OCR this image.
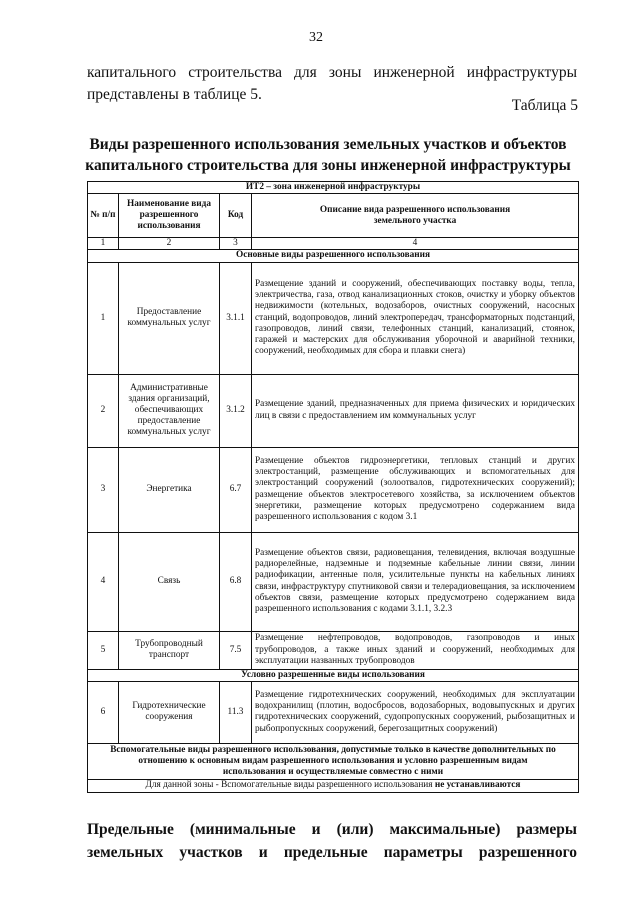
32
капитального строительства для зоны инженерной инфраструктуры
представлены в таблице 5.
Таблица 5
Виды разрешенного использования земельных участков и объектов
капитального строительства для зоны инженерной инфраструктуры
ИТ2 – зона инженерной инфраструктуры			
№ п/п	Наименование вида разрешенного использования	Код	Описание вида разрешенного использования земельного участка
1	2	3	4
Основные виды разрешенного использования			
1	Предоставление коммунальных услуг	3.1.1	Размещение зданий и сооружений, обеспечивающих поставку воды, тепла, электричества, газа, отвод канализационных стоков, очистку и уборку объектов недвижимости (котельных, водозаборов, очистных сооружений, насосных станций, водопроводов, линий электропередач, трансформаторных подстанций, газопроводов, линий связи, телефонных станций, канализаций, стоянок, гаражей и мастерских для обслуживания уборочной и аварийной техники, сооружений, необходимых для сбора и плавки снега)
2	Административные здания организаций, обеспечивающих предоставление коммунальных услуг	3.1.2	Размещение зданий, предназначенных для приема физических и юридических лиц в связи с предоставлением им коммунальных услуг
3	Энергетика	6.7	Размещение объектов гидроэнергетики, тепловых станций и других электростанций, размещение обслуживающих и вспомогательных для электростанций сооружений (золоотвалов, гидротехнических сооружений); размещение объектов электросетевого хозяйства, за исключением объектов энергетики, размещение которых предусмотрено содержанием вида разрешенного использования с кодом 3.1
4	Связь	6.8	Размещение объектов связи, радиовещания, телевидения, включая воздушные радиорелейные, надземные и подземные кабельные линии связи, линии радиофикации, антенные поля, усилительные пункты на кабельных линиях связи, инфраструктуру спутниковой связи и телерадиовещания, за исключением объектов связи, размещение которых предусмотрено содержанием вида разрешенного использования с кодами 3.1.1, 3.2.3
5	Трубопроводный транспорт	7.5	Размещение нефтепроводов, водопроводов, газопроводов и иных трубопроводов, а также иных зданий и сооружений, необходимых для эксплуатации названных трубопроводов
Условно разрешенные виды использования			
6	Гидротехнические сооружения	11.3	Размещение гидротехнических сооружений, необходимых для эксплуатации водохранилищ (плотин, водосбросов, водозаборных, водовыпускных и других гидротехнических сооружений, судопропускных сооружений, рыбозащитных и рыбопропускных сооружений, берегозащитных сооружений)
Вспомогательные виды разрешенного использования, допустимые только в качестве дополнительных по отношению к основным видам разрешенного использования и условно разрешенным видам использования и осуществляемые совместно с ними			
Для данной зоны - Вспомогательные виды разрешенного использования не устанавливаются			
Предельные (минимальные и (или) максимальные) размеры
земельных участков и предельные параметры разрешенного
